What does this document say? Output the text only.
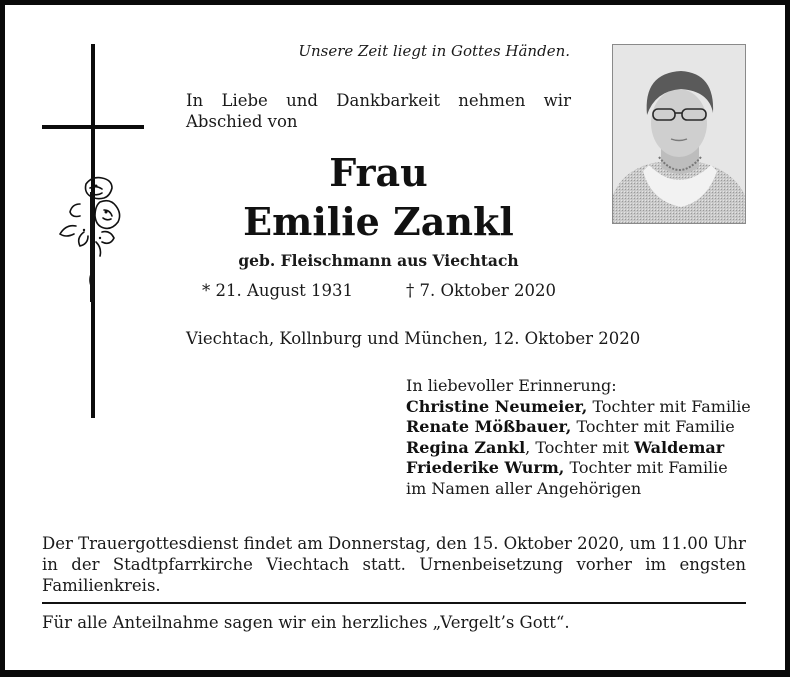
Unsere Zeit liegt in Gottes Händen.
In Liebe und Dankbarkeit nehmen wir
Abschied von
Frau
Emilie Zankl
geb. Fleischmann aus Viechtach
* 21. August 1931	† 7. Oktober 2020
Viechtach, Kollnburg und München, 12. Oktober 2020
In liebevoller Erinnerung:
Christine Neumeier, Tochter mit Familie
Renate Mößbauer, Tochter mit Familie
Regina Zankl, Tochter mit Waldemar
Friederike Wurm, Tochter mit Familie
im Namen aller Angehörigen
Der Trauergottesdienst findet am Donnerstag, den 15. Oktober 2020, um 11.00 Uhr
in der Stadtpfarrkirche Viechtach statt. Urnenbeisetzung vorher im engsten
Familienkreis.
Für alle Anteilnahme sagen wir ein herzliches „Vergelt’s Gott“.
